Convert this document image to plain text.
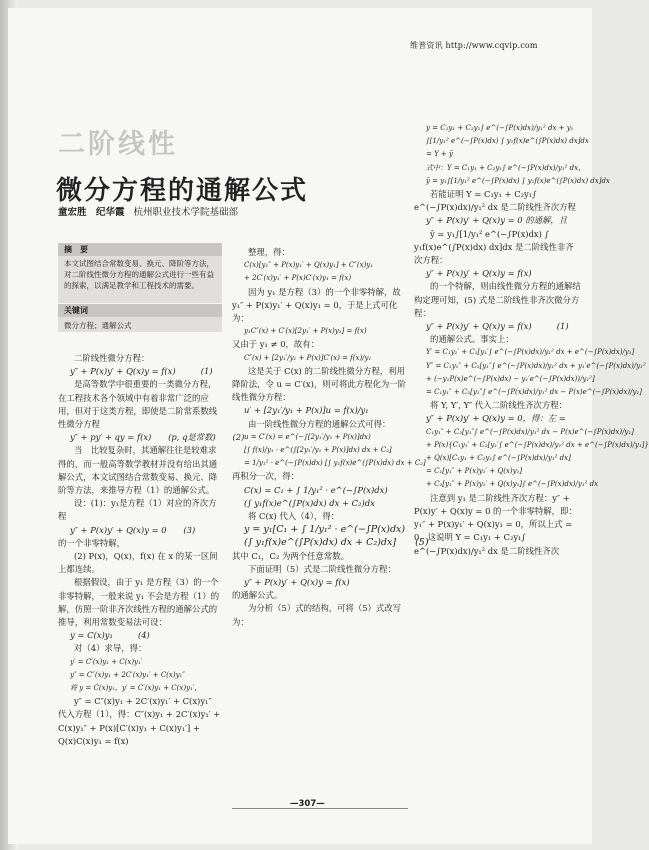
维普资讯 http://www.cqvip.com
二阶线性
微分方程的通解公式
童宏胜　纪华霞 杭州职业技术学院基础部
摘　要
本文试图结合常数变易、换元、降阶等方法，对二阶线性微分方程的通解公式进行一些有益的探索，以满足教学和工程技术的需要。
关键词
微分方程；通解公式

二阶线性微分方程：

y″ + P(x)y′ + Q(x)y = f(x)　　　(1)

是高等数学中很重要的一类微分方程，在工程技术各个领域中有着非常广泛的应用，但对于这类方程，即使是二阶常系数线性微分方程

y″ + py′ + qy = f(x)　　(p, q是常数)　　(2)

当　比较复杂时，其通解往往是较难求得的，而一般高等数学教材并没有给出其通解公式，本文试图结合常数变易、换元、降阶等方法，来推导方程（1）的通解公式。

设：(1)：y₁是方程（1）对应的齐次方程

y″ + P(x)y′ + Q(x)y = 0　　(3)

的一个非零特解，

(2) P(x)，Q(x)，f(x) 在 x 的某一区间上都连续。

根据假设，由于 y₁ 是方程（3）的一个非零特解，一般来说 y₁ 不会是方程（1）的解，仿照一阶非齐次线性方程的通解公式的推导，利用常数变易法可设：

y = C(x)y₁　　　(4)

对（4）求导，得：

y′ = C′(x)y₁ + C(x)y₁′

y″ = C″(x)y₁ + 2C′(x)y₁′ + C(x)y₁″

将 y = C(x)y₁，y′ = C′(x)y₁ + C(x)y₁′，

y″ = C″(x)y₁ + 2C′(x)y₁′ + C(x)y₁″ 代入方程（1），得：C″(x)y₁ + 2C′(x)y₁′ + C(x)y₁″ + P(x)[C′(x)y₁ + C(x)y₁′] + Q(x)C(x)y₁ = f(x)

整理，得：

C(x)[y₁″ + P(x)y₁′ + Q(x)y₁] + C″(x)y₁

+ 2C′(x)y₁′ + P(x)C′(x)y₁ = f(x)

因为 y₁ 是方程（3）的一个非零特解，故 y₁″ + P(x)y₁′ + Q(x)y₁ = 0，于是上式可化为：

y₁C″(x) + C′(x)[2y₁′ + P(x)y₁] = f(x)

又由于 y₁ ≠ 0，故有：

C″(x) + [2y₁′/y₁ + P(x)]C′(x) = f(x)/y₁

这是关于 C(x) 的二阶线性微分方程，利用降阶法，令 u = C′(x)，则可将此方程化为一阶线性微分方程：

u′ + [2y₁′/y₁ + P(x)]u = f(x)/y₁

由一阶线性微分方程的通解公式可得：

u = C′(x) = e^(−∫[2y₁′/y₁ + P(x)]dx)

[∫ f(x)/y₁ · e^(∫[2y₁′/y₁ + P(x)]dx) dx + C₂]

= 1/y₁² · e^(−∫P(x)dx) [∫ y₁f(x)e^(∫P(x)dx) dx + C₂]

再积分一次，得：

C(x) = C₁ + ∫ 1/y₁² · e^(−∫P(x)dx)

(∫ y₁f(x)e^(∫P(x)dx) dx + C₂)dx

将 C(x) 代入（4），得：

y = y₁[C₁ + ∫ 1/y₁² · e^(−∫P(x)dx)

(∫ y₁f(x)e^(∫P(x)dx) dx + C₂)dx]　　(5)

其中 C₁，C₂ 为两个任意常数。

下面证明（5）式是二阶线性微分方程：

y″ + P(x)y′ + Q(x)y = f(x)

的通解公式。

为分析（5）式的结构，可将（5）式改写为：

y = C₁y₁ + C₂y₁∫ e^(−∫P(x)dx)/y₁² dx + y₁

∫[1/y₁² e^(−∫P(x)dx) ∫ y₁f(x)e^(∫P(x)dx) dx]dx

= Y + ȳ

式中：Y = C₁y₁ + C₂y₁∫ e^(−∫P(x)dx)/y₁² dx，

ȳ = y₁∫[1/y₁² e^(−∫P(x)dx) ∫ y₁f(x)e^(∫P(x)dx) dx]dx

若能证明 Y = C₁y₁ + C₂y₁∫ e^(−∫P(x)dx)/y₁² dx 是二阶线性齐次方程

y″ + P(x)y′ + Q(x)y = 0 的通解，且

ȳ = y₁∫[1/y₁² e^(−∫P(x)dx) ∫ y₁f(x)e^(∫P(x)dx) dx]dx 是二阶线性非齐次方程：

y″ + P(x)y′ + Q(x)y = f(x)

的一个特解，则由线性微分方程的通解结构定理可知，(5) 式是二阶线性非齐次微分方程：

y″ + P(x)y′ + Q(x)y = f(x)　　　(1)

的通解公式。事实上：

Y′ = C₁y₁′ + C₂[y₁′∫ e^(−∫P(x)dx)/y₁² dx + e^(−∫P(x)dx)/y₁]

Y″ = C₁y₁″ + C₂[y₁″∫ e^(−∫P(x)dx)/y₁² dx + y₁′e^(−∫P(x)dx)/y₁²

+ (−y₁P(x)e^(−∫P(x)dx) − y₁′e^(−∫P(x)dx))/y₁²]

= C₁y₁″ + C₂[y₁″∫ e^(−∫P(x)dx)/y₁² dx − P(x)e^(−∫P(x)dx)/y₁]

将 Y, Y′, Y″ 代入二阶线性齐次方程：

y″ + P(x)y′ + Q(x)y = 0，得：左 =

C₁y₁″ + C₂[y₁″∫ e^(−∫P(x)dx)/y₁² dx − P(x)e^(−∫P(x)dx)/y₁]

+ P(x){C₁y₁′ + C₂[y₁′∫ e^(−∫P(x)dx)/y₁² dx + e^(−∫P(x)dx)/y₁]}

+ Q(x)[C₁y₁ + C₂y₁∫ e^(−∫P(x)dx)/y₁² dx]

= C₁[y₁″ + P(x)y₁′ + Q(x)y₁]

+ C₂[y₁″ + P(x)y₁′ + Q(x)y₁]∫ e^(−∫P(x)dx)/y₁² dx

注意到 y₁ 是二阶线性齐次方程：y″ + P(x)y′ + Q(x)y = 0 的一个非零特解，即：y₁″ + P(x)y₁′ + Q(x)y₁ = 0，所以上式 = 0，这说明 Y = C₁y₁ + C₂y₁∫ e^(−∫P(x)dx)/y₁² dx 是二阶线性齐次

—307—
